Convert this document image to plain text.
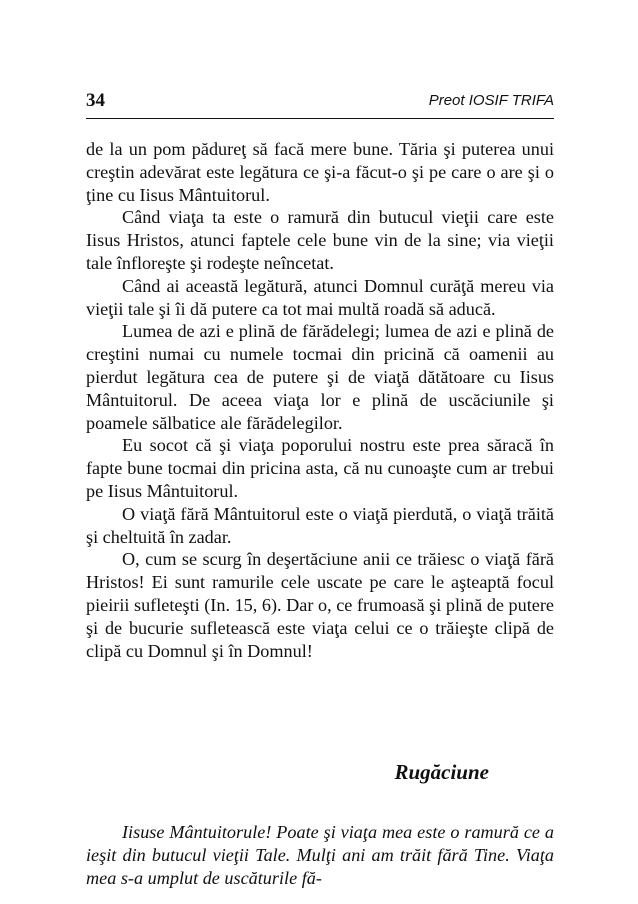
34	Preot IOSIF TRIFA

de la un pom pădureţ să facă mere bune. Tăria şi puterea unui creştin adevărat este legătura ce şi-a făcut-o şi pe care o are şi o ţine cu Iisus Mântuitorul.

Când viaţa ta este o ramură din butucul vieţii care este Iisus Hristos, atunci faptele cele bune vin de la sine; via vieţii tale înfloreşte şi rodeşte neîncetat.

Când ai această legătură, atunci Domnul curăţă mereu via vieţii tale şi îi dă putere ca tot mai multă roadă să aducă.

Lumea de azi e plină de fărădelegi; lumea de azi e plină de creştini numai cu numele tocmai din pricină că oamenii au pierdut legătura cea de putere şi de viaţă dătătoare cu Iisus Mântuitorul. De aceea viaţa lor e plină de uscăciunile şi poamele sălbatice ale fărădelegilor.

Eu socot că şi viaţa poporului nostru este prea săracă în fapte bune tocmai din pricina asta, că nu cunoaşte cum ar trebui pe Iisus Mântuitorul.

O viaţă fără Mântuitorul este o viaţă pierdută, o viaţă trăită şi cheltuită în zadar.

O, cum se scurg în deşertăciune anii ce trăiesc o viaţă fără Hristos! Ei sunt ramurile cele uscate pe care le aşteaptă focul pieirii sufleteşti (In. 15, 6). Dar o, ce frumoasă şi plină de putere şi de bucurie sufletească este viaţa celui ce o trăieşte clipă de clipă cu Domnul şi în Domnul!

Rugăciune

Iisuse Mântuitorule! Poate şi viaţa mea este o ramură ce a ieşit din butucul vieţii Tale. Mulţi ani am trăit fără Tine. Viaţa mea s-a umplut de uscăturile fă-
